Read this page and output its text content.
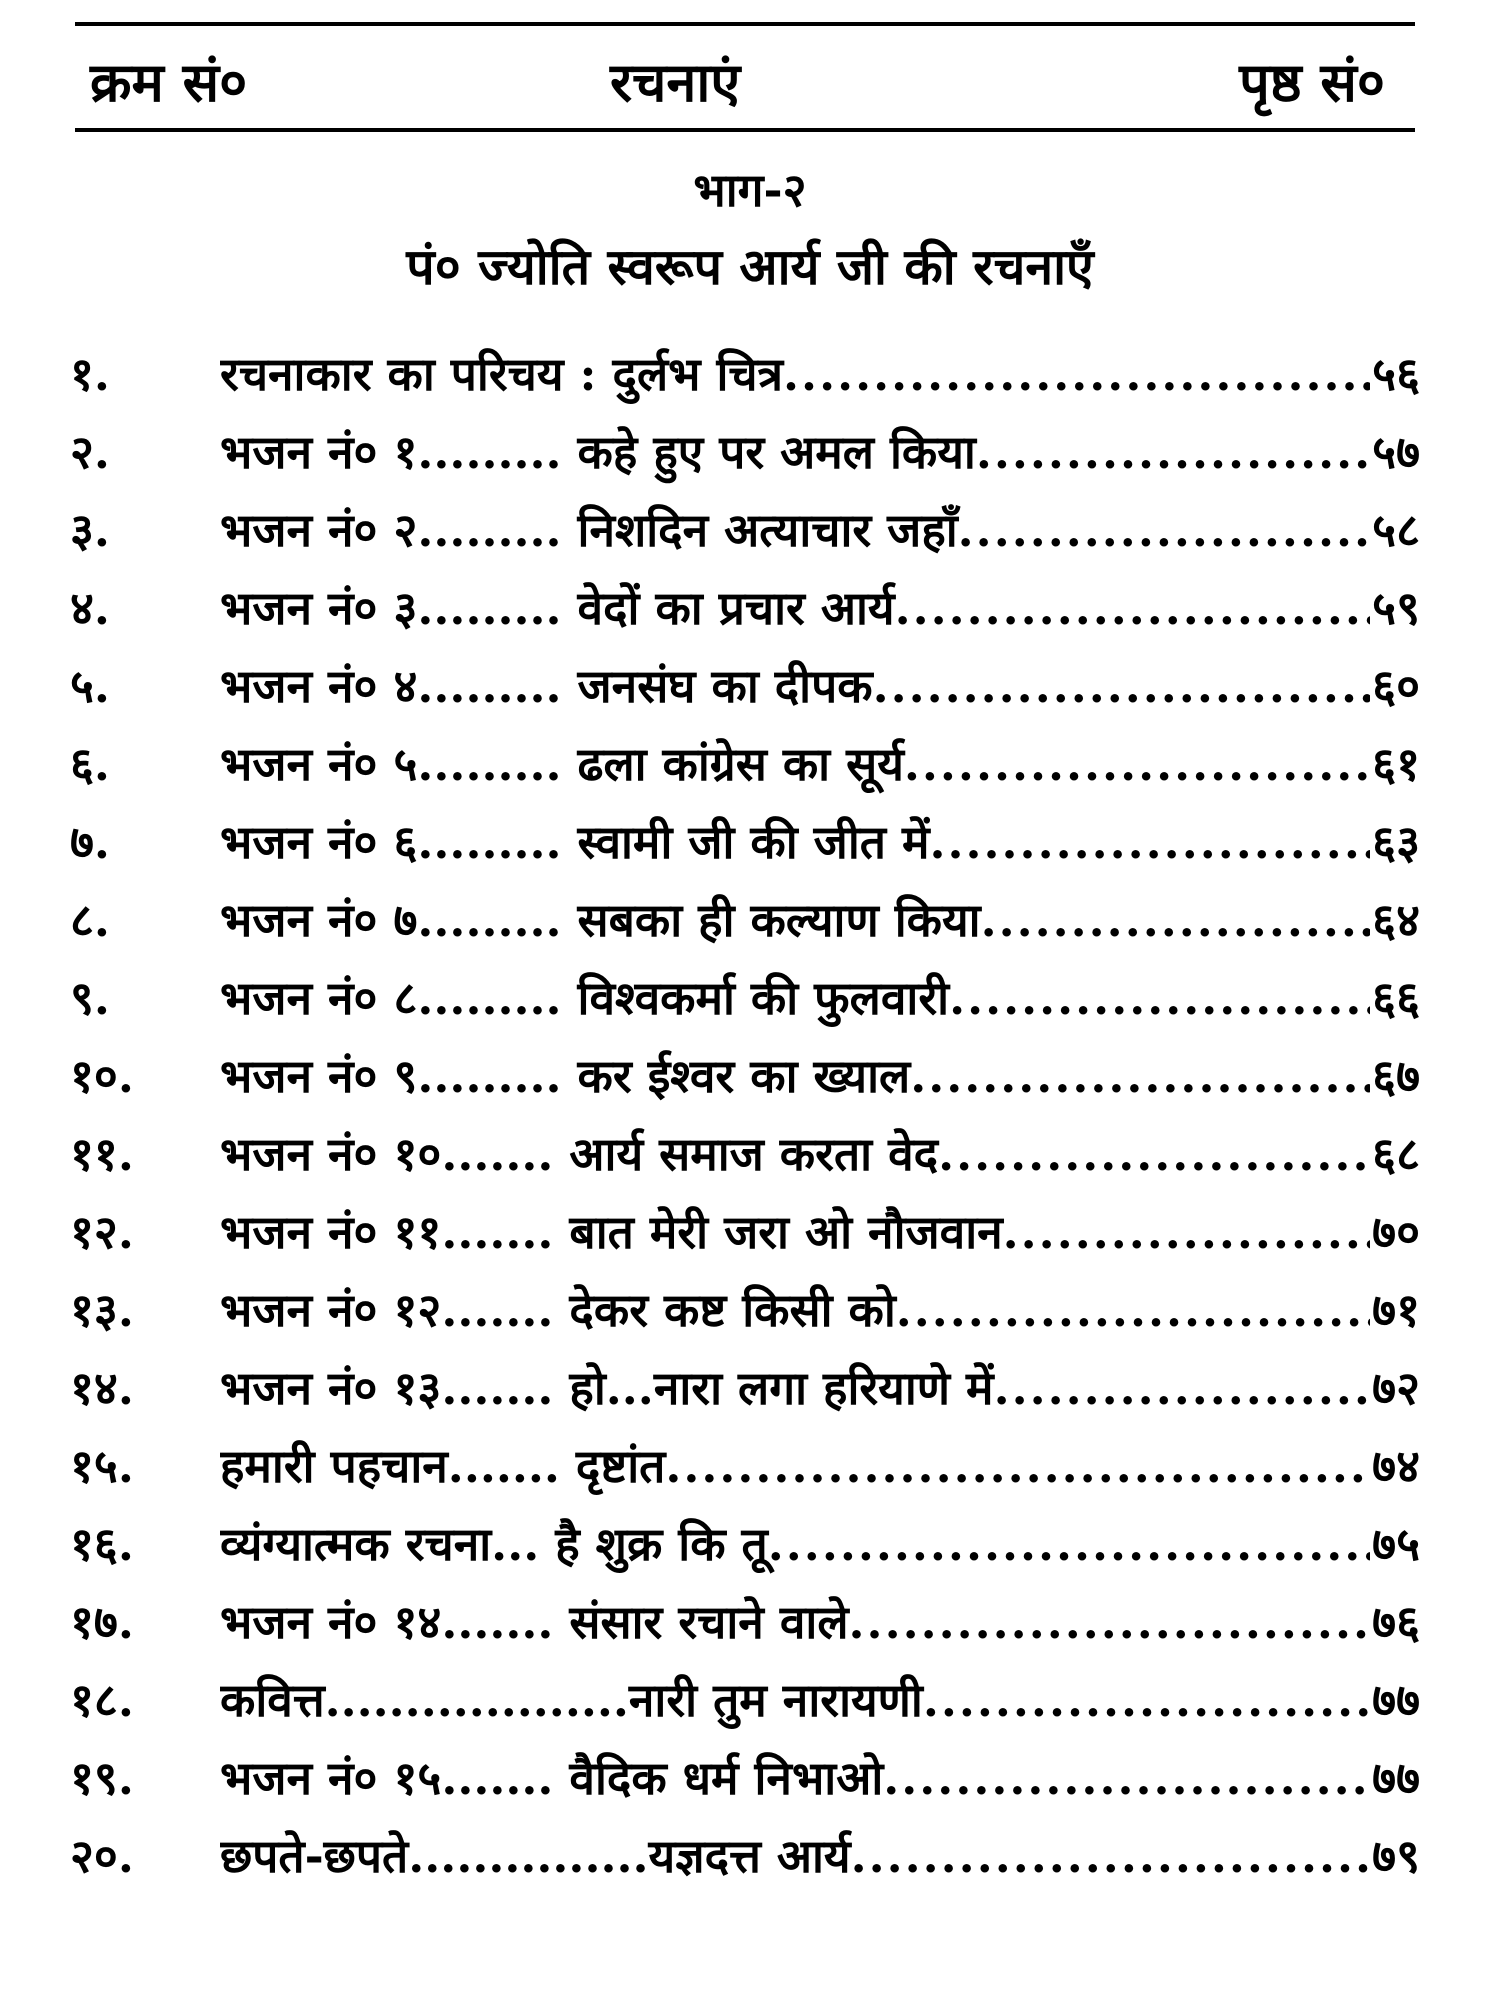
क्रम सं०	रचनाएं	पृष्ठ सं०
भाग-२
पं० ज्योति स्वरूप आर्य जी की रचनाएँ
१.	रचनाकार का परिचय : दुर्लभ चित्र .....	५६
२.	भजन नं० १......... कहे हुए पर अमल किया .....	५७
३.	भजन नं० २......... निशदिन अत्याचार जहाँ .....	५८
४.	भजन नं० ३......... वेदों का प्रचार आर्य .....	५९
५.	भजन नं० ४......... जनसंघ का दीपक .....	६०
६.	भजन नं० ५......... ढला कांग्रेस का सूर्य .....	६१
७.	भजन नं० ६......... स्वामी जी की जीत में .....	६३
८.	भजन नं० ७......... सबका ही कल्याण किया .....	६४
९.	भजन नं० ८......... विश्वकर्मा की फुलवारी .....	६६
१०.	भजन नं० ९......... कर ईश्वर का ख्याल .....	६७
११.	भजन नं० १०....... आर्य समाज करता वेद .....	६८
१२.	भजन नं० ११....... बात मेरी जरा ओ नौजवान .....	७०
१३.	भजन नं० १२....... देकर कष्ट किसी को .....	७१
१४.	भजन नं० १३....... हो...नारा लगा हरियाणे में .....	७२
१५.	हमारी पहचान....... दृष्टांत .....	७४
१६.	व्यंग्यात्मक रचना... है शुक्र कि तू .....	७५
१७.	भजन नं० १४....... संसार रचाने वाले .....	७६
१८.	कवित्त...................नारी तुम नारायणी .....	७७
१९.	भजन नं० १५....... वैदिक धर्म निभाओ .....	७७
२०.	छपते-छपते...............यज्ञदत्त आर्य .....	७९
